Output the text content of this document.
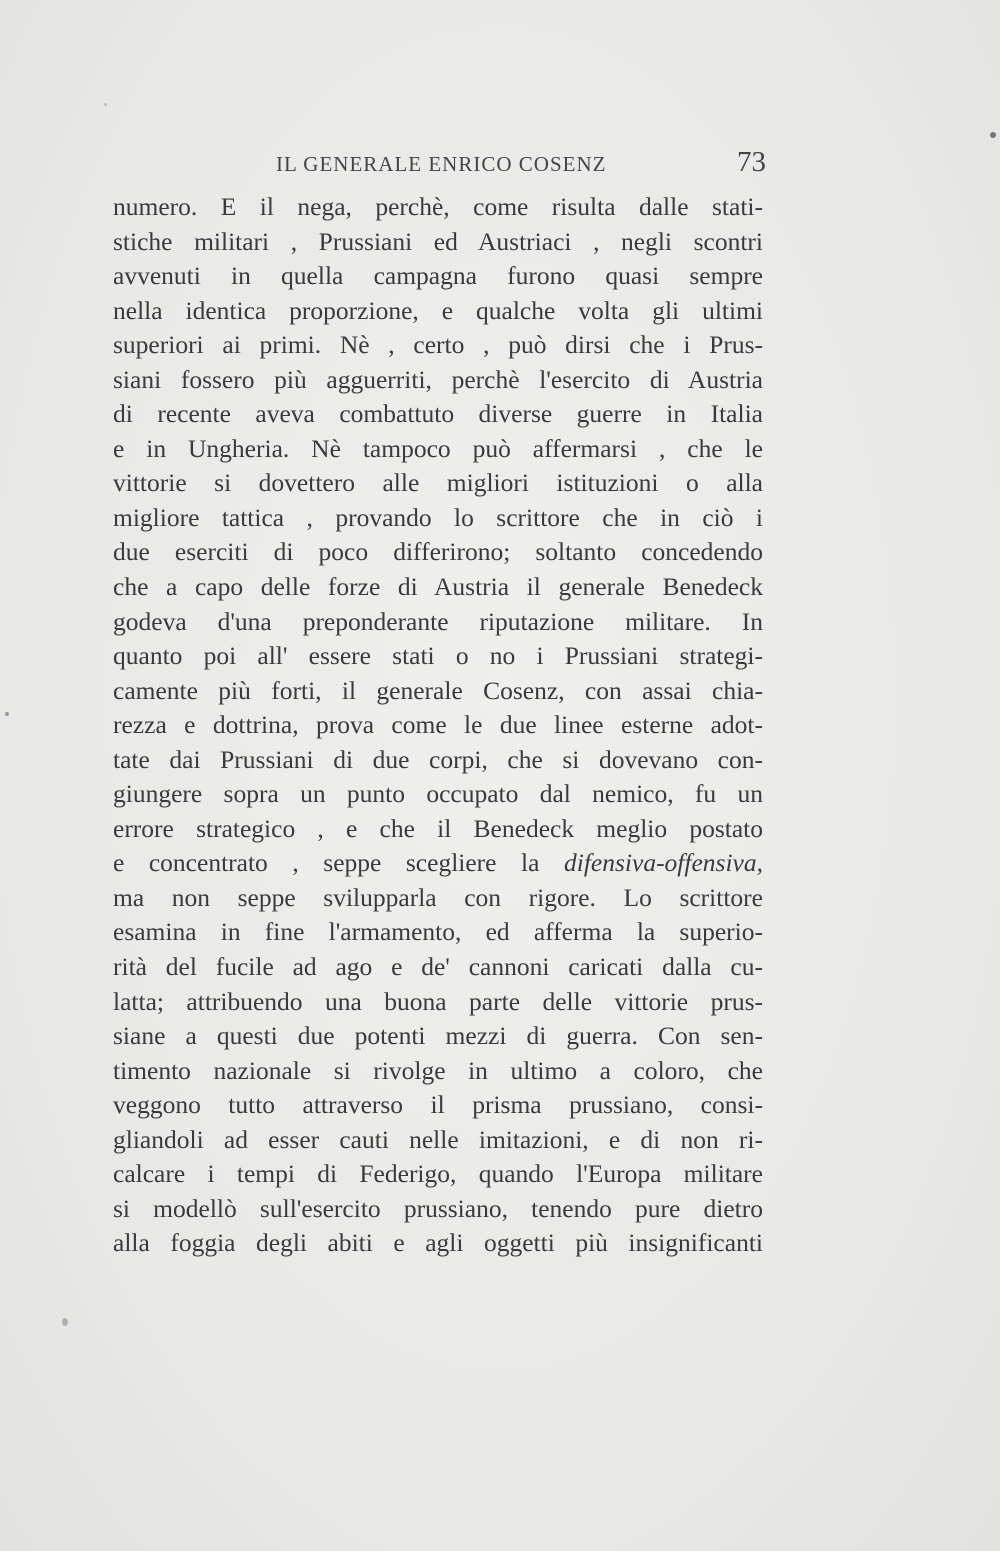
IL GENERALE ENRICO COSENZ	73
numero. E il nega, perchè, come risulta dalle stati-
stiche militari , Prussiani ed Austriaci , negli scontri
avvenuti in quella campagna furono quasi sempre
nella identica proporzione, e qualche volta gli ultimi
superiori ai primi. Nè , certo , può dirsi che i Prus-
siani fossero più agguerriti, perchè l'esercito di Austria
di recente aveva combattuto diverse guerre in Italia
e in Ungheria. Nè tampoco può affermarsi , che le
vittorie si dovettero alle migliori istituzioni o alla
migliore tattica , provando lo scrittore che in ciò i
due eserciti di poco differirono; soltanto concedendo
che a capo delle forze di Austria il generale Benedeck
godeva d'una preponderante riputazione militare. In
quanto poi all' essere stati o no i Prussiani strategi-
camente più forti, il generale Cosenz, con assai chia-
rezza e dottrina, prova come le due linee esterne adot-
tate dai Prussiani di due corpi, che si dovevano con-
giungere sopra un punto occupato dal nemico, fu un
errore strategico , e che il Benedeck meglio postato
e concentrato , seppe scegliere la difensiva-offensiva,
ma non seppe svilupparla con rigore. Lo scrittore
esamina in fine l'armamento, ed afferma la superio-
rità del fucile ad ago e de' cannoni caricati dalla cu-
latta; attribuendo una buona parte delle vittorie prus-
siane a questi due potenti mezzi di guerra. Con sen-
timento nazionale si rivolge in ultimo a coloro, che
veggono tutto attraverso il prisma prussiano, consi-
gliandoli ad esser cauti nelle imitazioni, e di non ri-
calcare i tempi di Federigo, quando l'Europa militare
si modellò sull'esercito prussiano, tenendo pure dietro
alla foggia degli abiti e agli oggetti più insignificanti
